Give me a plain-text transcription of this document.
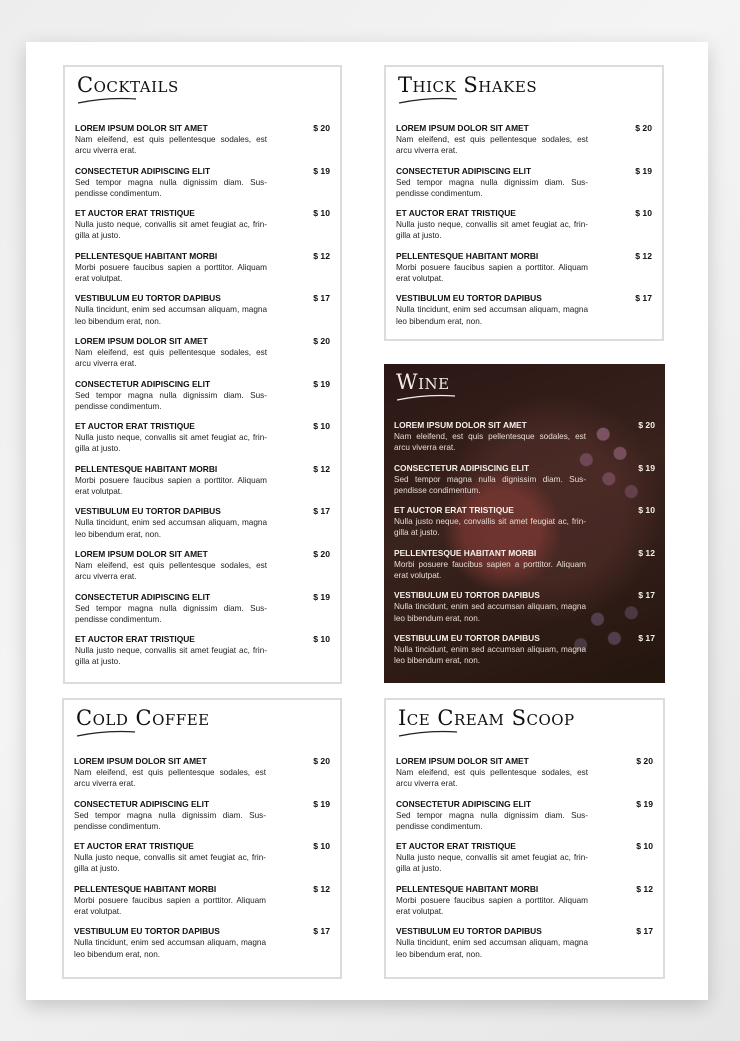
Cocktails
LOREM IPSUM DOLOR SIT AMET	$ 20
Nam eleifend, est quis pellentesque sodales, est arcu viverra erat.
CONSECTETUR ADIPISCING ELIT	$ 19
Sed tempor magna nulla dignissim diam. Sus-pendisse condimentum.
ET AUCTOR ERAT TRISTIQUE	$ 10
Nulla justo neque, convallis sit amet feugiat ac, frin-gilla at justo.
PELLENTESQUE HABITANT MORBI	$ 12
Morbi posuere faucibus sapien a porttitor. Aliquam erat volutpat.
VESTIBULUM EU TORTOR DAPIBUS	$ 17
Nulla tincidunt, enim sed accumsan aliquam, magna leo bibendum erat, non.
LOREM IPSUM DOLOR SIT AMET	$ 20
Nam eleifend, est quis pellentesque sodales, est arcu viverra erat.
CONSECTETUR ADIPISCING ELIT	$ 19
Sed tempor magna nulla dignissim diam. Sus-pendisse condimentum.
ET AUCTOR ERAT TRISTIQUE	$ 10
Nulla justo neque, convallis sit amet feugiat ac, frin-gilla at justo.
PELLENTESQUE HABITANT MORBI	$ 12
Morbi posuere faucibus sapien a porttitor. Aliquam erat volutpat.
VESTIBULUM EU TORTOR DAPIBUS	$ 17
Nulla tincidunt, enim sed accumsan aliquam, magna leo bibendum erat, non.
LOREM IPSUM DOLOR SIT AMET	$ 20
Nam eleifend, est quis pellentesque sodales, est arcu viverra erat.
CONSECTETUR ADIPISCING ELIT	$ 19
Sed tempor magna nulla dignissim diam. Sus-pendisse condimentum.
ET AUCTOR ERAT TRISTIQUE	$ 10
Nulla justo neque, convallis sit amet feugiat ac, frin-gilla at justo.
Thick Shakes
LOREM IPSUM DOLOR SIT AMET	$ 20
Nam eleifend, est quis pellentesque sodales, est arcu viverra erat.
CONSECTETUR ADIPISCING ELIT	$ 19
Sed tempor magna nulla dignissim diam. Sus-pendisse condimentum.
ET AUCTOR ERAT TRISTIQUE	$ 10
Nulla justo neque, convallis sit amet feugiat ac, frin-gilla at justo.
PELLENTESQUE HABITANT MORBI	$ 12
Morbi posuere faucibus sapien a porttitor. Aliquam erat volutpat.
VESTIBULUM EU TORTOR DAPIBUS	$ 17
Nulla tincidunt, enim sed accumsan aliquam, magna leo bibendum erat, non.
Wine
LOREM IPSUM DOLOR SIT AMET	$ 20
Nam eleifend, est quis pellentesque sodales, est arcu viverra erat.
CONSECTETUR ADIPISCING ELIT	$ 19
Sed tempor magna nulla dignissim diam. Sus-pendisse condimentum.
ET AUCTOR ERAT TRISTIQUE	$ 10
Nulla justo neque, convallis sit amet feugiat ac, frin-gilla at justo.
PELLENTESQUE HABITANT MORBI	$ 12
Morbi posuere faucibus sapien a porttitor. Aliquam erat volutpat.
VESTIBULUM EU TORTOR DAPIBUS	$ 17
Nulla tincidunt, enim sed accumsan aliquam, magna leo bibendum erat, non.
VESTIBULUM EU TORTOR DAPIBUS	$ 17
Nulla tincidunt, enim sed accumsan aliquam, magna leo bibendum erat, non.
Cold Coffee
LOREM IPSUM DOLOR SIT AMET	$ 20
Nam eleifend, est quis pellentesque sodales, est arcu viverra erat.
CONSECTETUR ADIPISCING ELIT	$ 19
Sed tempor magna nulla dignissim diam. Sus-pendisse condimentum.
ET AUCTOR ERAT TRISTIQUE	$ 10
Nulla justo neque, convallis sit amet feugiat ac, frin-gilla at justo.
PELLENTESQUE HABITANT MORBI	$ 12
Morbi posuere faucibus sapien a porttitor. Aliquam erat volutpat.
VESTIBULUM EU TORTOR DAPIBUS	$ 17
Nulla tincidunt, enim sed accumsan aliquam, magna leo bibendum erat, non.
Ice Cream Scoop
LOREM IPSUM DOLOR SIT AMET	$ 20
Nam eleifend, est quis pellentesque sodales, est arcu viverra erat.
CONSECTETUR ADIPISCING ELIT	$ 19
Sed tempor magna nulla dignissim diam. Sus-pendisse condimentum.
ET AUCTOR ERAT TRISTIQUE	$ 10
Nulla justo neque, convallis sit amet feugiat ac, frin-gilla at justo.
PELLENTESQUE HABITANT MORBI	$ 12
Morbi posuere faucibus sapien a porttitor. Aliquam erat volutpat.
VESTIBULUM EU TORTOR DAPIBUS	$ 17
Nulla tincidunt, enim sed accumsan aliquam, magna leo bibendum erat, non.
